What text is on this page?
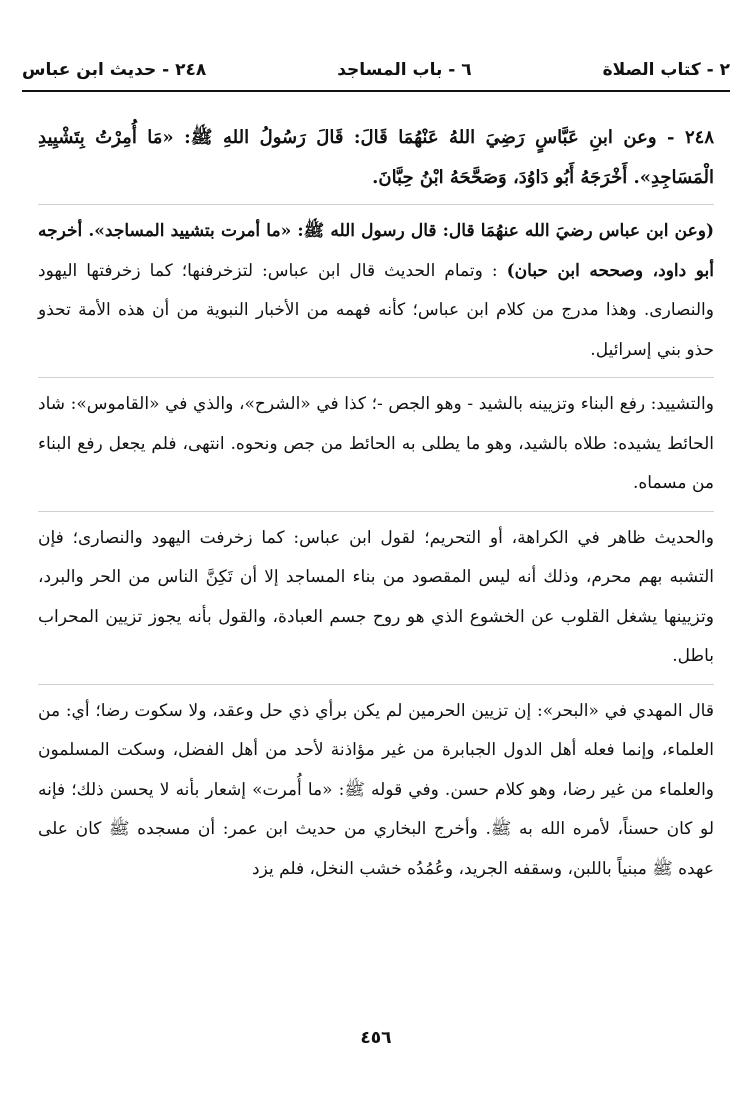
٢ - كتاب الصلاة
٦ - باب المساجد
٢٤٨ - حديث ابن عباس

٢٤٨ - وعن ابنِ عَبَّاسٍ رَضِيَ اللهُ عَنْهُمَا قَالَ: قَالَ رَسُولُ اللهِ ﷺ: «مَا أُمِرْتُ بِتَشْيِيدِ الْمَسَاجِدِ». أَخْرَجَهُ أَبُو دَاوُدَ، وَصَحَّحَهُ ابْنُ حِبَّانَ.

(وعن ابن عباس رضيَ الله عنهُمَا قال: قال رسول الله ﷺ: «ما أمرت بتشييد المساجد». أخرجه أبو داود، وصححه ابن حبان) : وتمام الحديث قال ابن عباس: لتزخرفنها؛ كما زخرفتها اليهود والنصارى. وهذا مدرج من كلام ابن عباس؛ كأنه فهمه من الأخبار النبوية من أن هذه الأمة تحذو حذو بني إسرائيل.

والتشييد: رفع البناء وتزيينه بالشيد - وهو الجص -؛ كذا في «الشرح»، والذي في «القاموس»: شاد الحائط يشيده: طلاه بالشيد، وهو ما يطلى به الحائط من جص ونحوه. انتهى، فلم يجعل رفع البناء من مسماه.

والحديث ظاهر في الكراهة، أو التحريم؛ لقول ابن عباس: كما زخرفت اليهود والنصارى؛ فإن التشبه بهم محرم، وذلك أنه ليس المقصود من بناء المساجد إلا أن تَكِنَّ الناس من الحر والبرد، وتزيينها يشغل القلوب عن الخشوع الذي هو روح جسم العبادة، والقول بأنه يجوز تزيين المحراب باطل.

قال المهدي في «البحر»: إن تزيين الحرمين لم يكن برأي ذي حل وعقد، ولا سكوت رضا؛ أي: من العلماء، وإنما فعله أهل الدول الجبابرة من غير مؤاذنة لأحد من أهل الفضل، وسكت المسلمون والعلماء من غير رضا، وهو كلام حسن. وفي قوله ﷺ: «ما أُمرت» إشعار بأنه لا يحسن ذلك؛ فإنه لو كان حسناً، لأمره الله به ﷺ. وأخرج البخاري من حديث ابن عمر: أن مسجده ﷺ كان على عهده ﷺ مبنياً باللبن، وسقفه الجريد، وعُمُدُه خشب النخل، فلم يزد

٤٥٦
